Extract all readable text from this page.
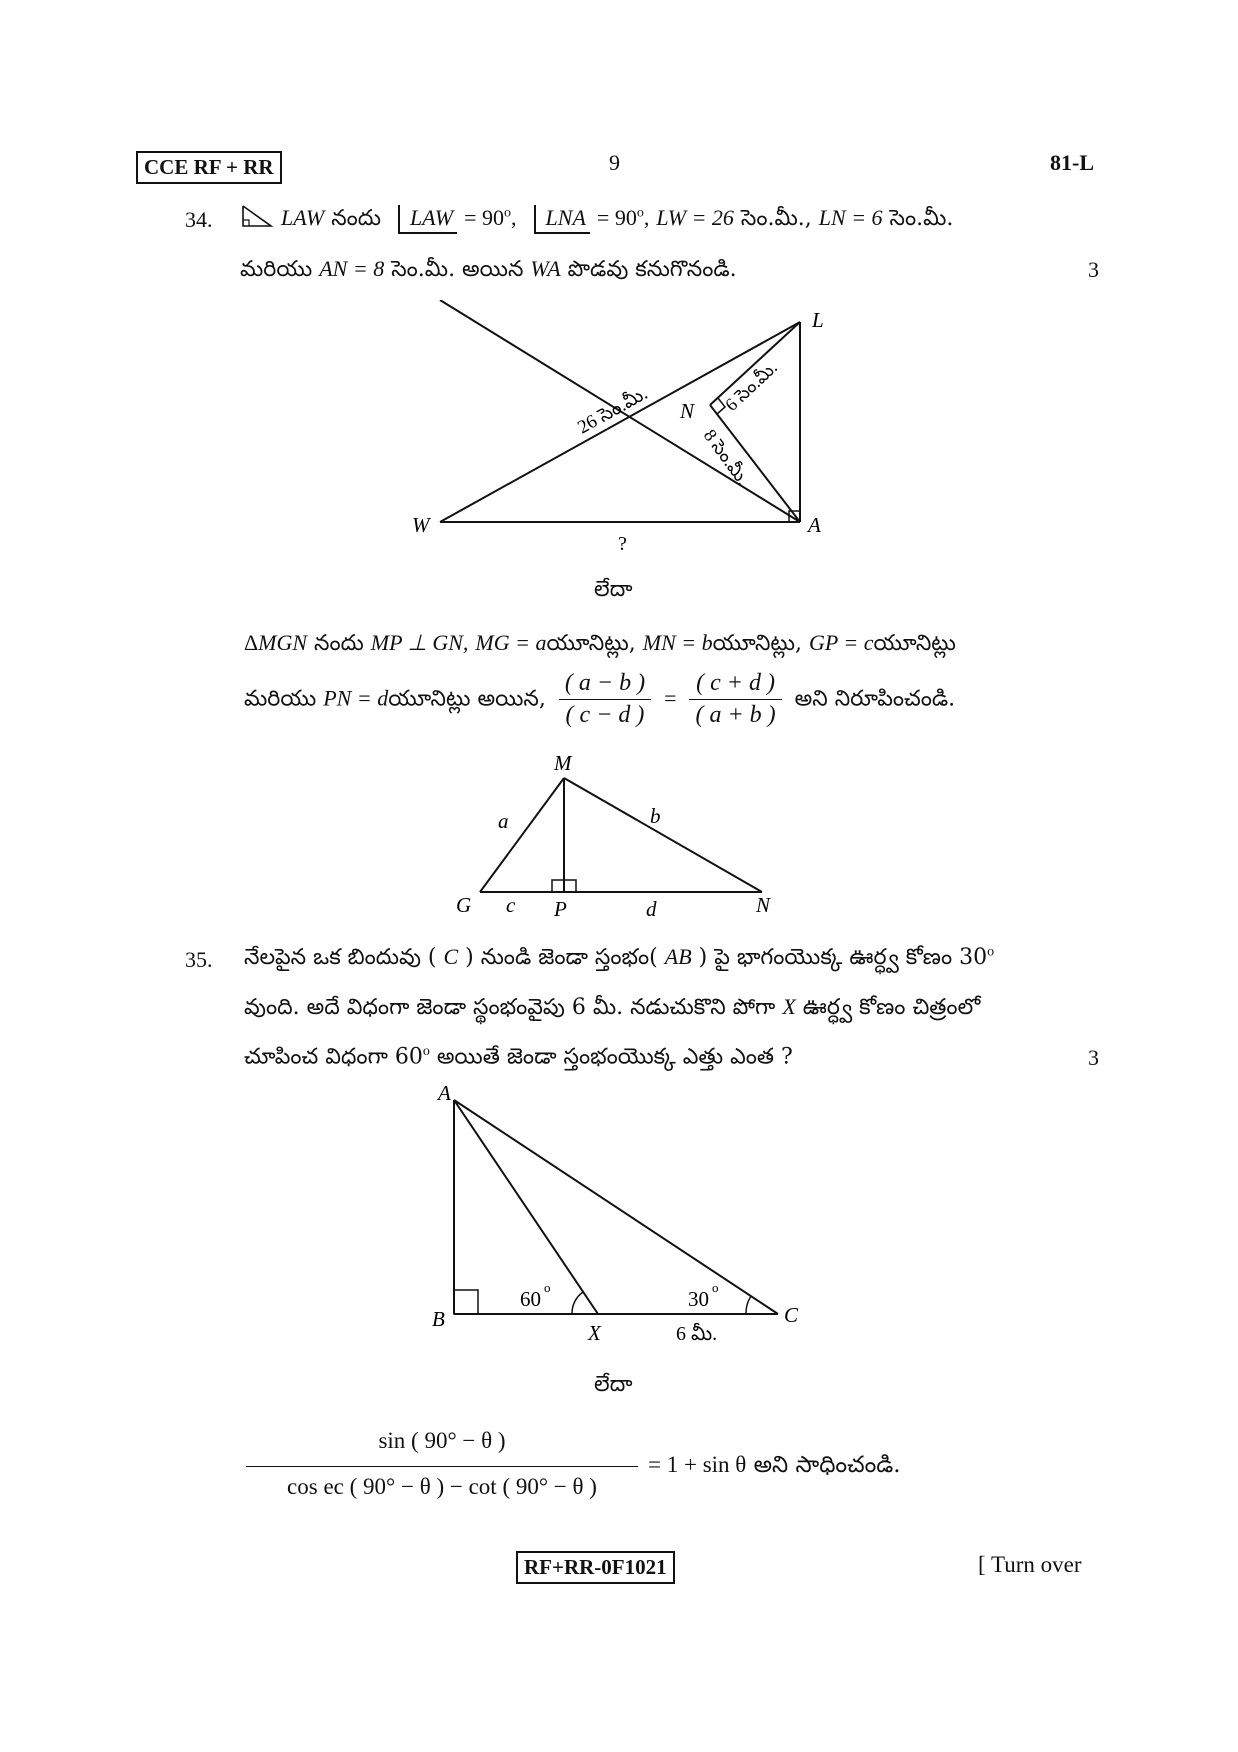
CCE RF + RR	9	81-L
34.	LAW నందు LAW = $90^o$, LNA = $90^o$, LW = 26 సెం.మీ., LN = 6 సెం.మీ.
మరియు AN = 8 సెం.మీ. అయిన WA పొడవు కనుగొనండి.	3
L
N
W	A
?
26 సెం.మీ.	6 సెం.మీ.
8 సెం.మీ.
లేదా
ΔMGN నందు MP ⊥ GN, MG = aయూనిట్లు, MN = bయూనిట్లు, GP = cయూనిట్లు
మరియు PN = dయూనిట్లు అయిన, $\frac{( a - b )}{( c - d )} = \frac{( c + d )}{( a + b )}$ అని నిరూపించండి.
M
a	b
G c P	d	N
35. నేలపైన ఒక బిందువు ( C ) నుండి జెండా స్తంభం( AB ) పై భాగంయొక్క ఊర్ధ్వ కోణం 30$^o$
వుంది. అదే విధంగా జెండా స్థంభంవైపు 6 మీ. నడుచుకొని పోగా X ఊర్ధ్వ కోణం చిత్రంలో
చూపించ విధంగా 60$^o$ అయితే జెండా స్తంభంయొక్క ఎత్తు ఎంత ?	3
A
B
X
C
60 o	30 o
6 మీ.
లేదా
sin ( 90° − θ )
cos ec ( 90° − θ ) − cot ( 90° − θ )
= 1 + sin θ అని సాధించండి.
RF+RR-0F1021	[ Turn over
